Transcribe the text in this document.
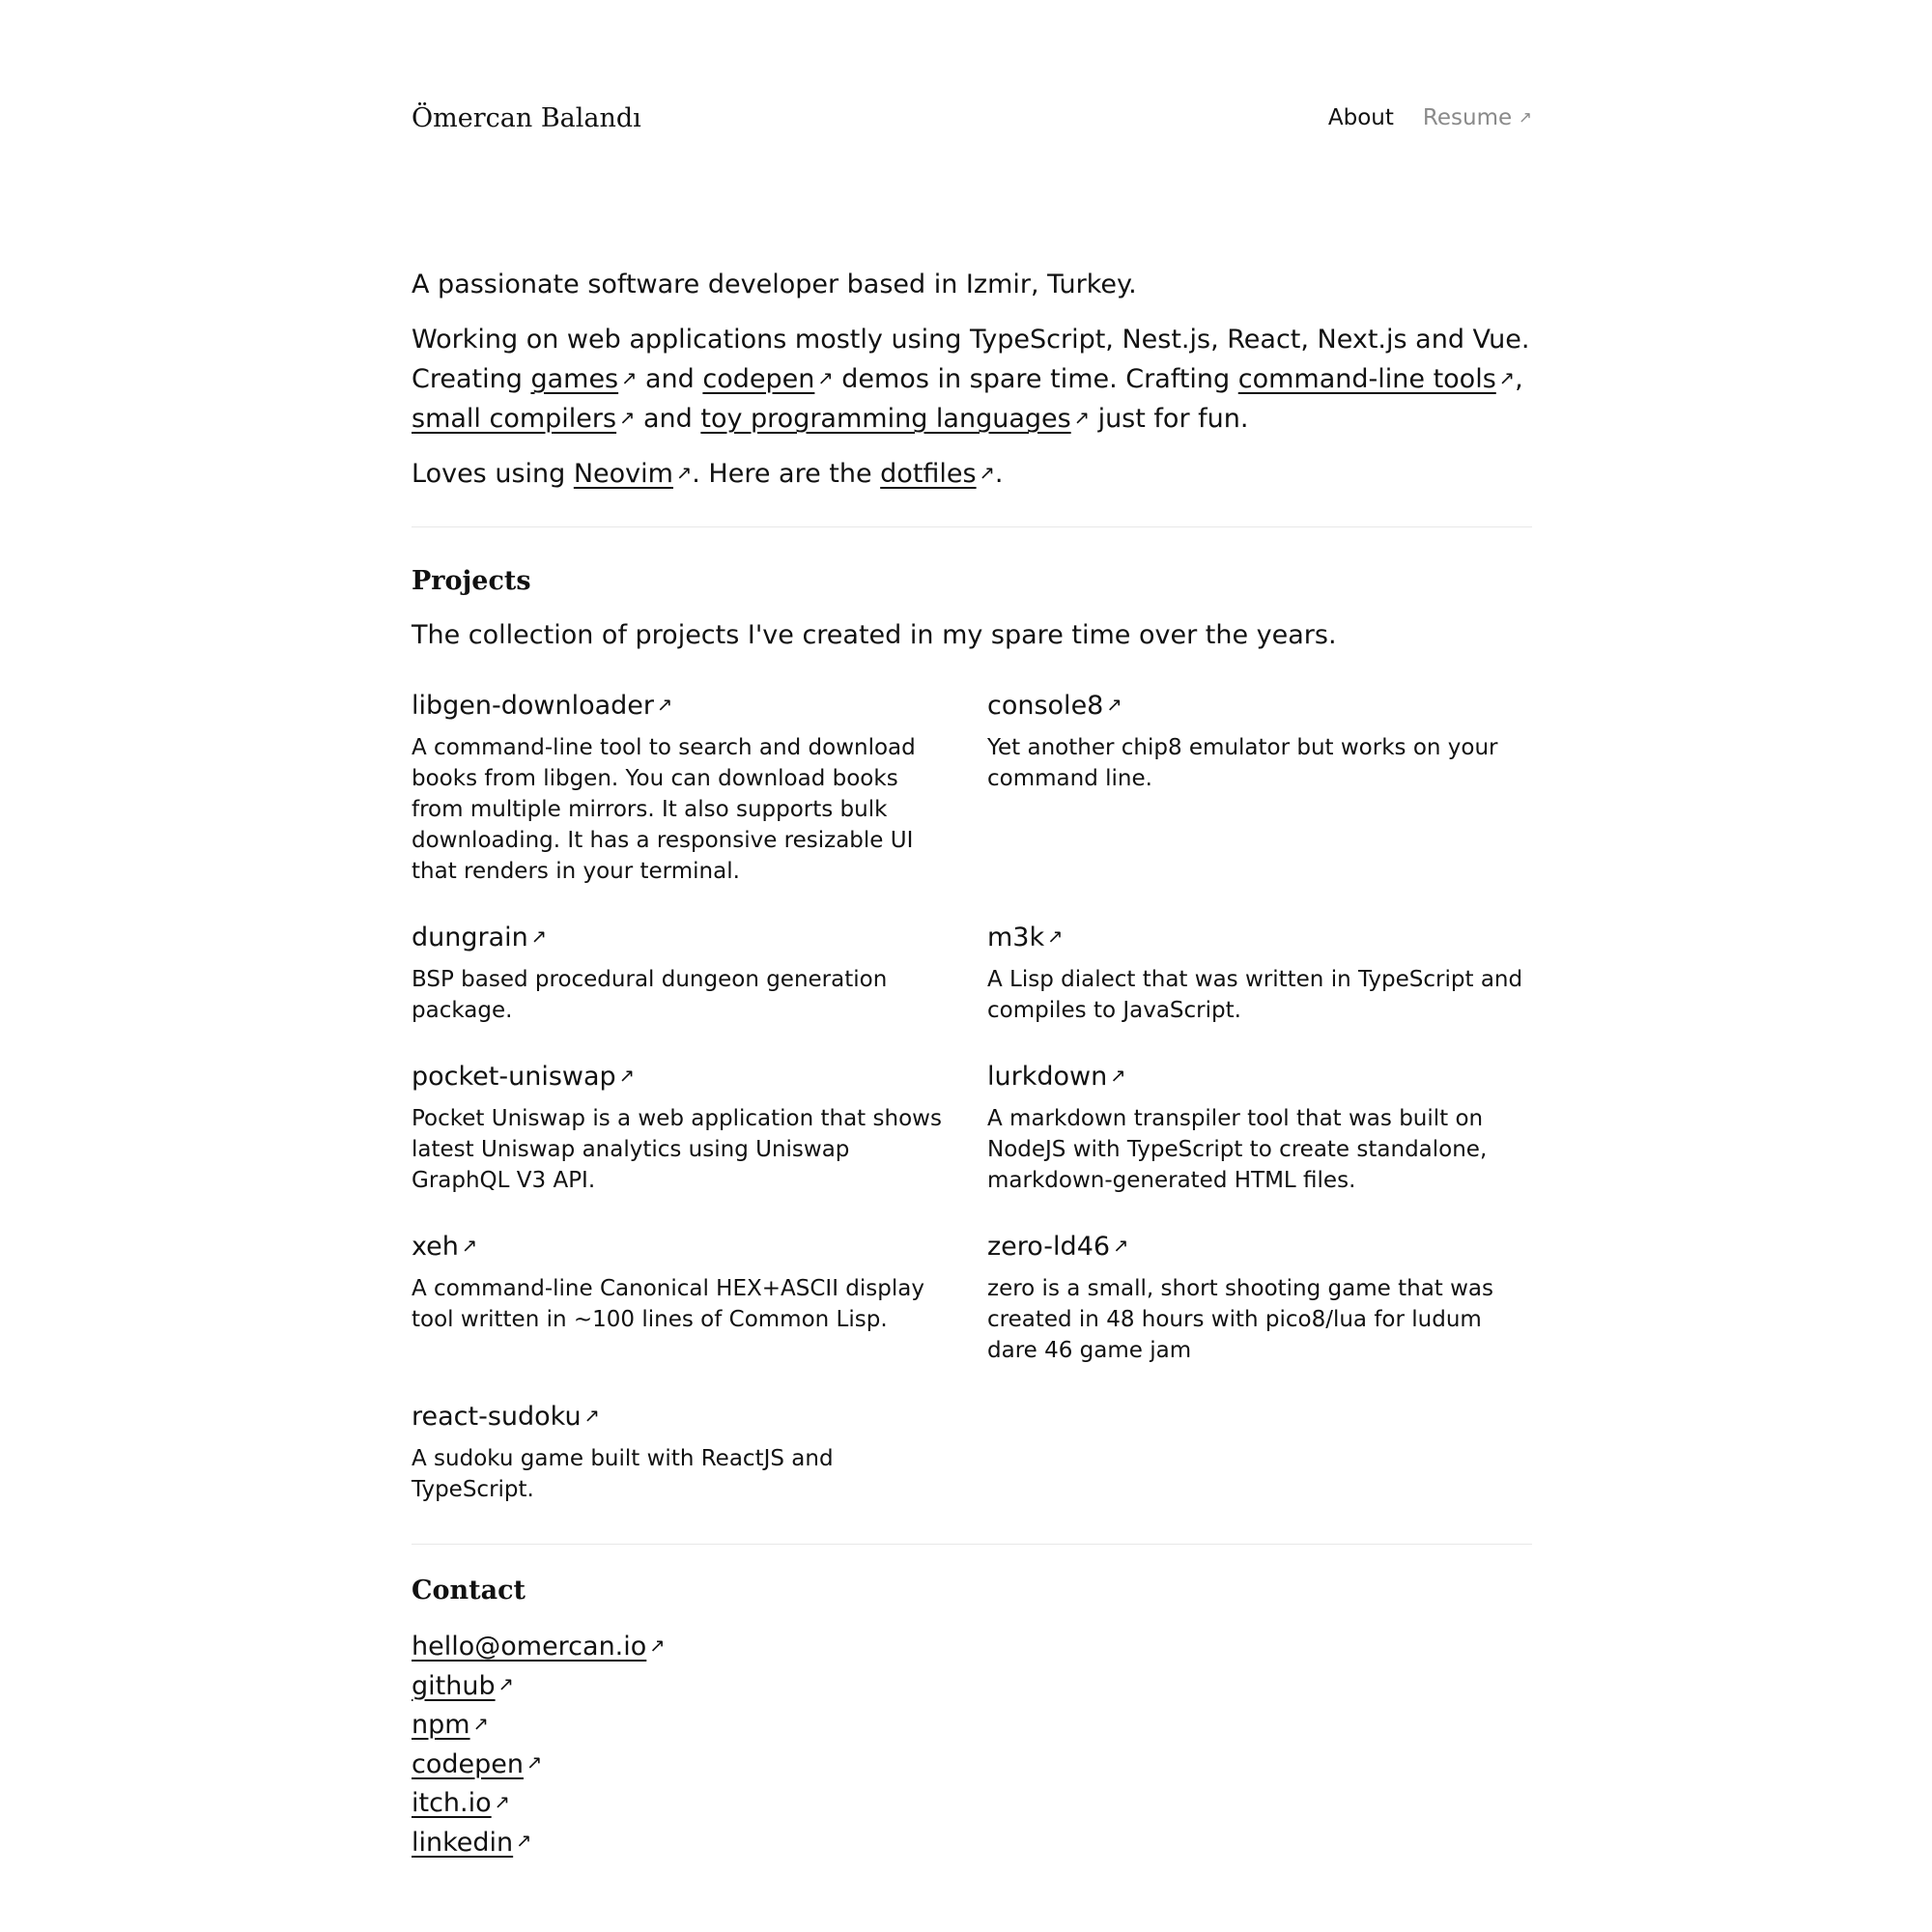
Ömercan Balandı	About Resume ↗

A passionate software developer based in Izmir, Turkey.

Working on web applications mostly using TypeScript, Nest.js, React, Next.js and Vue. Creating games ↗ and codepen ↗ demos in spare time. Crafting command-line tools ↗,
small compilers ↗ and toy programming languages ↗ just for fun.

Loves using Neovim ↗. Here are the dotfiles ↗.

Projects

The collection of projects I've created in my spare time over the years.

libgen-downloader ↗
A command-line tool to search and download books from libgen. You can download books from multiple mirrors. It also supports bulk downloading. It has a responsive resizable UI that renders in your terminal.
console8 ↗
Yet another chip8 emulator but works on your command line.
dungrain ↗
BSP based procedural dungeon generation package.
m3k ↗
A Lisp dialect that was written in TypeScript and compiles to JavaScript.
pocket-uniswap ↗
Pocket Uniswap is a web application that shows latest Uniswap analytics using Uniswap GraphQL V3 API.
lurkdown ↗
A markdown transpiler tool that was built on NodeJS with TypeScript to create standalone, markdown-generated HTML files.
xeh ↗
A command-line Canonical HEX+ASCII display tool written in ~100 lines of Common Lisp.
zero-ld46 ↗
zero is a small, short shooting game that was created in 48 hours with pico8/lua for ludum dare 46 game jam
react-sudoku ↗
A sudoku game built with ReactJS and TypeScript.
Contact
hello@omercan.io ↗
github ↗
npm ↗
codepen ↗
itch.io ↗
linkedin ↗
